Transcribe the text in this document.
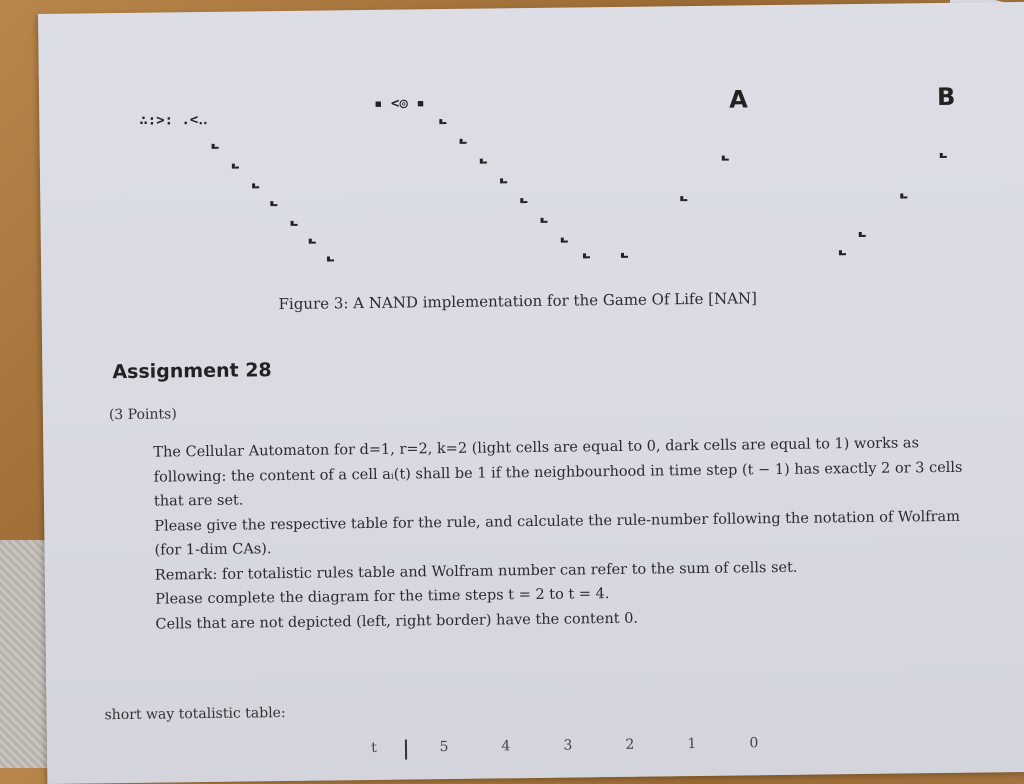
∴:>: .<‥
▪ <◎ ▪	A	B
Figure 3: A NAND implementation for the Game Of Life [NAN]
Assignment 28
(3 Points)

The Cellular Automaton for d=1, r=2, k=2 (light cells are equal to 0, dark cells are equal to 1) works as following: the content of a cell aᵢ(t) shall be 1 if the neighbourhood in time step (t − 1) has exactly 2 or 3 cells that are set.

Please give the respective table for the rule, and calculate the rule-number following the notation of Wolfram (for 1-dim CAs).

Remark: for totalistic rules table and Wolfram number can refer to the sum of cells set.

Please complete the diagram for the time steps t = 2 to t = 4.

Cells that are not depicted (left, right border) have the content 0.

short way totalistic table:
t	5	4	3	2	1	0
